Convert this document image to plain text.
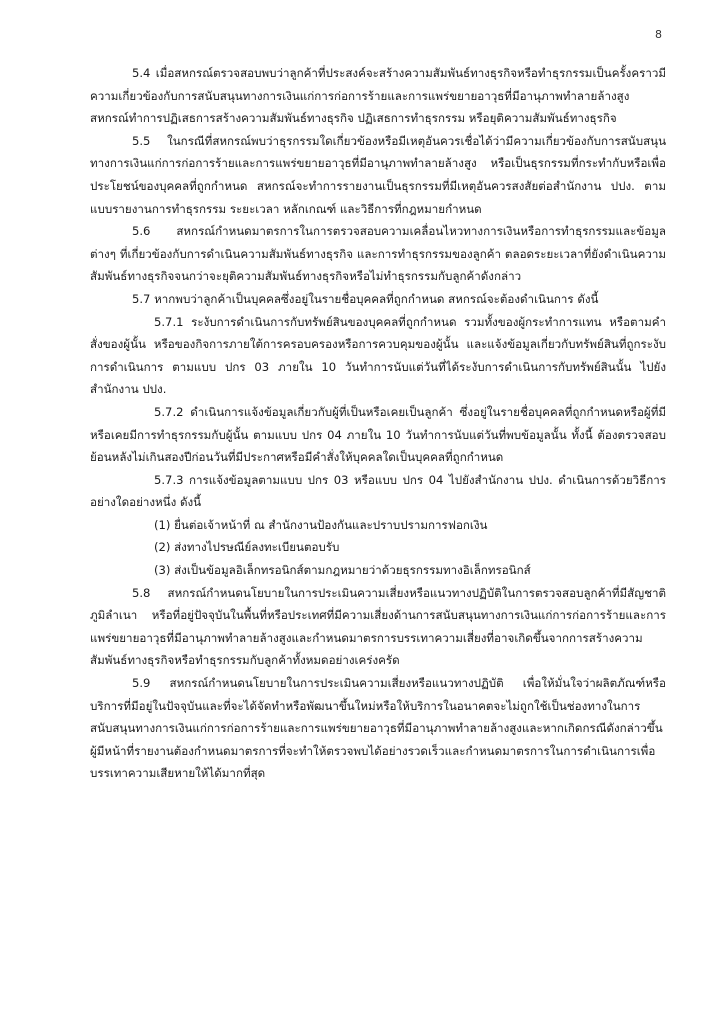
8

5.4 เมื่อสหกรณ์ตรวจสอบพบว่าลูกค้าที่ประสงค์จะสร้างความสัมพันธ์ทางธุรกิจหรือทำธุรกรรมเป็นครั้งคราวมีความเกี่ยวข้องกับการสนับสนุนทางการเงินแก่การก่อการร้ายและการแพร่ขยายอาวุธที่มีอานุภาพทำลายล้างสูง สหกรณ์ทำการปฏิเสธการสร้างความสัมพันธ์ทางธุรกิจ ปฏิเสธการทำธุรกรรม หรือยุติความสัมพันธ์ทางธุรกิจ

5.5 ในกรณีที่สหกรณ์พบว่าธุรกรรมใดเกี่ยวข้องหรือมีเหตุอันควรเชื่อได้ว่ามีความเกี่ยวข้องกับการสนับสนุนทางการเงินแก่การก่อการร้ายและการแพร่ขยายอาวุธที่มีอานุภาพทำลายล้างสูง หรือเป็นธุรกรรมที่กระทำกับหรือเพื่อประโยชน์ของบุคคลที่ถูกกำหนด สหกรณ์จะทำการรายงานเป็นธุรกรรมที่มีเหตุอันควรสงสัยต่อสำนักงาน ปปง. ตามแบบรายงานการทำธุรกรรม ระยะเวลา หลักเกณฑ์ และวิธีการที่กฎหมายกำหนด

5.6 สหกรณ์กำหนดมาตรการในการตรวจสอบความเคลื่อนไหวทางการเงินหรือการทำธุรกรรมและข้อมูลต่างๆ ที่เกี่ยวข้องกับการดำเนินความสัมพันธ์ทางธุรกิจ และการทำธุรกรรมของลูกค้า ตลอดระยะเวลาที่ยังดำเนินความสัมพันธ์ทางธุรกิจจนกว่าจะยุติความสัมพันธ์ทางธุรกิจหรือไม่ทำธุรกรรมกับลูกค้าดังกล่าว

5.7 หากพบว่าลูกค้าเป็นบุคคลซึ่งอยู่ในรายชื่อบุคคลที่ถูกกำหนด สหกรณ์จะต้องดำเนินการ ดังนี้

5.7.1 ระงับการดำเนินการกับทรัพย์สินของบุคคลที่ถูกกำหนด รวมทั้งของผู้กระทำการแทน หรือตามคำสั่งของผู้นั้น หรือของกิจการภายใต้การครอบครองหรือการควบคุมของผู้นั้น และแจ้งข้อมูลเกี่ยวกับทรัพย์สินที่ถูกระงับการดำเนินการ ตามแบบ ปกร 03 ภายใน 10 วันทำการนับแต่วันที่ได้ระงับการดำเนินการกับทรัพย์สินนั้น ไปยังสำนักงาน ปปง.

5.7.2 ดำเนินการแจ้งข้อมูลเกี่ยวกับผู้ที่เป็นหรือเคยเป็นลูกค้า ซึ่งอยู่ในรายชื่อบุคคลที่ถูกกำหนดหรือผู้ที่มีหรือเคยมีการทำธุรกรรมกับผู้นั้น ตามแบบ ปกร 04 ภายใน 10 วันทำการนับแต่วันที่พบข้อมูลนั้น ทั้งนี้ ต้องตรวจสอบย้อนหลังไม่เกินสองปีก่อนวันที่มีประกาศหรือมีคำสั่งให้บุคคลใดเป็นบุคคลที่ถูกกำหนด

5.7.3 การแจ้งข้อมูลตามแบบ ปกร 03 หรือแบบ ปกร 04 ไปยังสำนักงาน ปปง. ดำเนินการด้วยวิธีการอย่างใดอย่างหนึ่ง ดังนี้

(1) ยื่นต่อเจ้าหน้าที่ ณ สำนักงานป้องกันและปราบปรามการฟอกเงิน

(2) ส่งทางไปรษณีย์ลงทะเบียนตอบรับ

(3) ส่งเป็นข้อมูลอิเล็กทรอนิกส์ตามกฎหมายว่าด้วยธุรกรรมทางอิเล็กทรอนิกส์

5.8 สหกรณ์กำหนดนโยบายในการประเมินความเสี่ยงหรือแนวทางปฏิบัติในการตรวจสอบลูกค้าที่มีสัญชาติ ภูมิลำเนา หรือที่อยู่ปัจจุบันในพื้นที่หรือประเทศที่มีความเสี่ยงด้านการสนับสนุนทางการเงินแก่การก่อการร้ายและการแพร่ขยายอาวุธที่มีอานุภาพทำลายล้างสูงและกำหนดมาตรการบรรเทาความเสี่ยงที่อาจเกิดขึ้นจากการสร้างความสัมพันธ์ทางธุรกิจหรือทำธุรกรรมกับลูกค้าทั้งหมดอย่างเคร่งครัด

5.9 สหกรณ์กำหนดนโยบายในการประเมินความเสี่ยงหรือแนวทางปฏิบัติ เพื่อให้มั่นใจว่าผลิตภัณฑ์หรือบริการที่มีอยู่ในปัจจุบันและที่จะได้จัดทำหรือพัฒนาขึ้นใหม่หรือให้บริการในอนาคตจะไม่ถูกใช้เป็นช่องทางในการสนับสนุนทางการเงินแก่การก่อการร้ายและการแพร่ขยายอาวุธที่มีอานุภาพทำลายล้างสูงและหากเกิดกรณีดังกล่าวขึ้นผู้มีหน้าที่รายงานต้องกำหนดมาตรการที่จะทำให้ตรวจพบได้อย่างรวดเร็วและกำหนดมาตรการในการดำเนินการเพื่อบรรเทาความเสียหายให้ได้มากที่สุด
